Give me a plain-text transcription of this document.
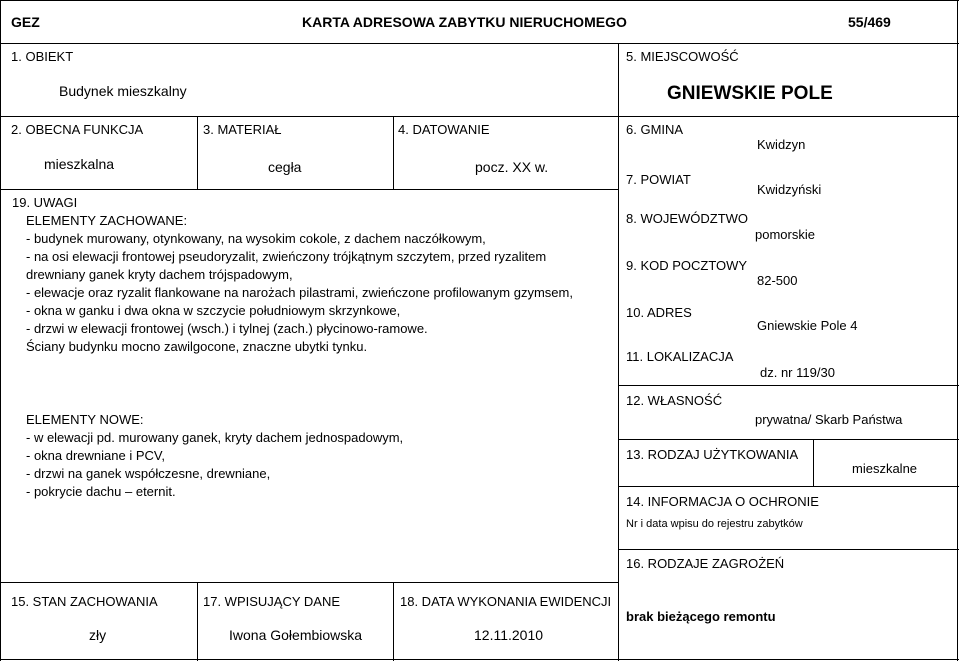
GEZ	KARTA ADRESOWA ZABYTKU NIERUCHOMEGO	55/469
1. OBIEKT
Budynek mieszkalny
5. MIEJSCOWOŚĆ
GNIEWSKIE POLE
2. OBECNA FUNKCJA
mieszkalna
3. MATERIAŁ
cegła
4. DATOWANIE
pocz. XX w.
6. GMINA
Kwidzyn
7. POWIAT
Kwidzyński
8. WOJEWÓDZTWO
pomorskie
9. KOD POCZTOWY
82-500
10. ADRES
Gniewskie Pole 4
11. LOKALIZACJA
dz. nr 119/30
12. WŁASNOŚĆ
prywatna/ Skarb Państwa
13. RODZAJ UŻYTKOWANIA
mieszkalne
14. INFORMACJA O OCHRONIE
Nr i data wpisu do rejestru zabytków
16. RODZAJE ZAGROŻEŃ
brak bieżącego remontu
19. UWAGI
ELEMENTY ZACHOWANE:
- budynek murowany, otynkowany, na wysokim cokole, z dachem naczółkowym,
- na osi elewacji frontowej pseudoryzalit, zwieńczony trójkątnym szczytem, przed ryzalitem
drewniany ganek kryty dachem trójspadowym,
- elewacje oraz ryzalit flankowane na narożach pilastrami, zwieńczone profilowanym gzymsem,
- okna w ganku i dwa okna w szczycie południowym skrzynkowe,
- drzwi w elewacji frontowej (wsch.) i tylnej (zach.) płycinowo-ramowe.
Ściany budynku mocno zawilgocone, znaczne ubytki tynku.
ELEMENTY NOWE:
- w elewacji pd. murowany ganek, kryty dachem jednospadowym,
- okna drewniane i PCV,
- drzwi na ganek współczesne, drewniane,
- pokrycie dachu – eternit.
15. STAN ZACHOWANIA
zły
17. WPISUJĄCY DANE
Iwona Gołembiowska
18. DATA WYKONANIA EWIDENCJI
12.11.2010
